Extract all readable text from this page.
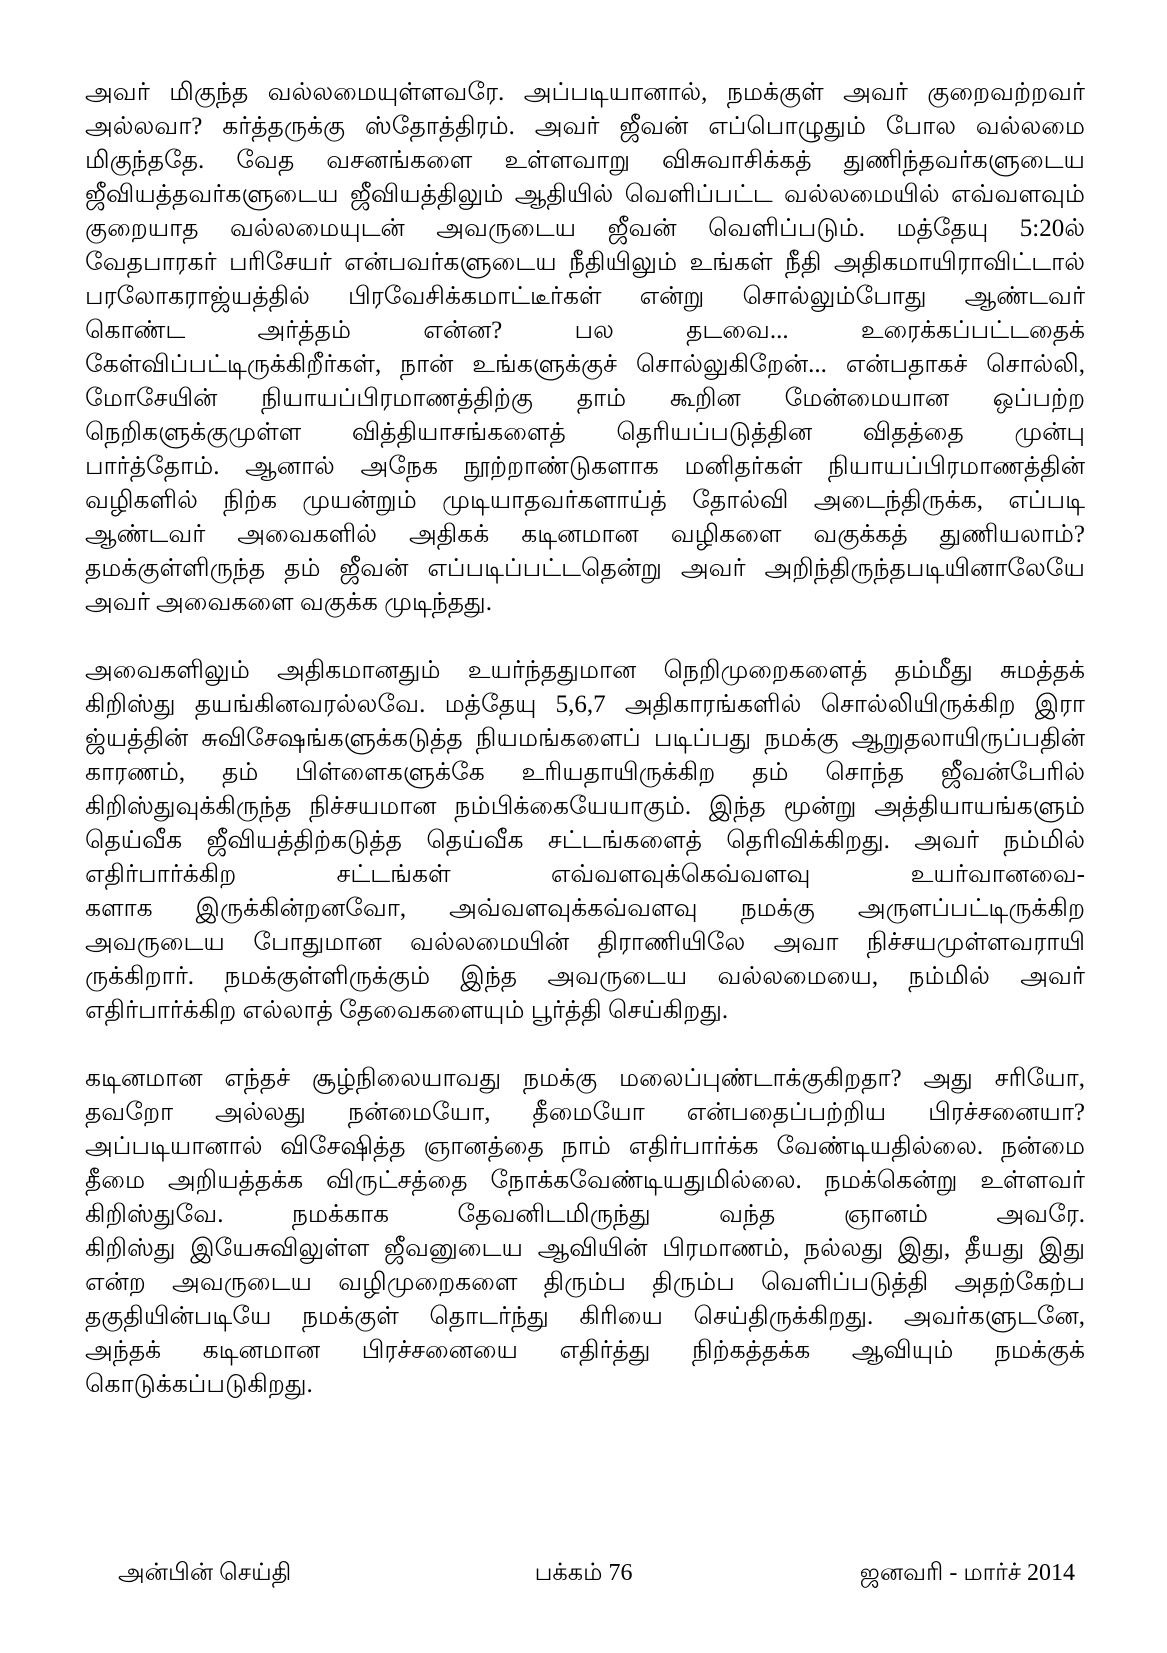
அவர் மிகுந்த வல்லமையுள்ளவரே. அப்படியானால், நமக்குள் அவர் குறைவற்றவர்
அல்லவா? கர்த்தருக்கு ஸ்தோத்திரம். அவர் ஜீவன் எப்பொழுதும் போல வல்லமை
மிகுந்ததே. வேத வசனங்களை உள்ளவாறு விசுவாசிக்கத் துணிந்தவர்களுடைய
ஜீவியத்தவர்களுடைய ஜீவியத்திலும் ஆதியில் வெளிப்பட்ட வல்லமையில் எவ்வளவும்
குறையாத வல்லமையுடன் அவருடைய ஜீவன் வெளிப்படும். மத்தேயு 5:20ல்
வேதபாரகர் பரிசேயர் என்பவர்களுடைய நீதியிலும் உங்கள் நீதி அதிகமாயிராவிட்டால்
பரலோகராஜ்யத்தில் பிரவேசிக்கமாட்டீர்கள் என்று சொல்லும்போது ஆண்டவர்
கொண்ட அர்த்தம் என்ன? பல தடவை... உரைக்கப்பட்டதைக்
கேள்விப்பட்டிருக்கிறீர்கள், நான் உங்களுக்குச் சொல்லுகிறேன்... என்பதாகச் சொல்லி,
மோசேயின் நியாயப்பிரமாணத்திற்கு தாம் கூறின மேன்மையான ஒப்பற்ற
நெறிகளுக்குமுள்ள வித்தியாசங்களைத் தெரியப்படுத்தின விதத்தை முன்பு
பார்த்தோம். ஆனால் அநேக நூற்றாண்டுகளாக மனிதர்கள் நியாயப்பிரமாணத்தின்
வழிகளில் நிற்க முயன்றும் முடியாதவர்களாய்த் தோல்வி அடைந்திருக்க, எப்படி
ஆண்டவர் அவைகளில் அதிகக் கடினமான வழிகளை வகுக்கத் துணியலாம்?
தமக்குள்ளிருந்த தம் ஜீவன் எப்படிப்பட்டதென்று அவர் அறிந்திருந்தபடியினாலேயே
அவர் அவைகளை வகுக்க முடிந்தது.
அவைகளிலும் அதிகமானதும் உயர்ந்ததுமான நெறிமுறைகளைத் தம்மீது சுமத்தக்
கிறிஸ்து தயங்கினவரல்லவே. மத்தேயு 5,6,7 அதிகாரங்களில் சொல்லியிருக்கிற இரா
ஜ்யத்தின் சுவிசேஷங்களுக்கடுத்த நியமங்களைப் படிப்பது நமக்கு ஆறுதலாயிருப்பதின்
காரணம், தம் பிள்ளைகளுக்கே உரியதாயிருக்கிற தம் சொந்த ஜீவன்பேரில்
கிறிஸ்துவுக்கிருந்த நிச்சயமான நம்பிக்கையேயாகும். இந்த மூன்று அத்தியாயங்களும்
தெய்வீக ஜீவியத்திற்கடுத்த தெய்வீக சட்டங்களைத் தெரிவிக்கிறது. அவர் நம்மில்
எதிர்பார்க்கிற சட்டங்கள் எவ்வளவுக்கெவ்வளவு உயர்வானவை-
களாக இருக்கின்றனவோ, அவ்வளவுக்கவ்வளவு நமக்கு அருளப்பட்டிருக்கிற
அவருடைய போதுமான வல்லமையின் திராணியிலே அவா நிச்சயமுள்ளவராயி
ருக்கிறார். நமக்குள்ளிருக்கும் இந்த அவருடைய வல்லமையை, நம்மில் அவர்
எதிர்பார்க்கிற எல்லாத் தேவைகளையும் பூர்த்தி செய்கிறது.
கடினமான எந்தச் சூழ்நிலையாவது நமக்கு மலைப்புண்டாக்குகிறதா? அது சரியோ,
தவறோ அல்லது நன்மையோ, தீமையோ என்பதைப்பற்றிய பிரச்சனையா?
அப்படியானால் விசேஷித்த ஞானத்தை நாம் எதிர்பார்க்க வேண்டியதில்லை. நன்மை
தீமை அறியத்தக்க விருட்சத்தை நோக்கவேண்டியதுமில்லை. நமக்கென்று உள்ளவர்
கிறிஸ்துவே. நமக்காக தேவனிடமிருந்து வந்த ஞானம் அவரே.
கிறிஸ்து இயேசுவிலுள்ள ஜீவனுடைய ஆவியின் பிரமாணம், நல்லது இது, தீயது இது
என்ற அவருடைய வழிமுறைகளை திரும்ப திரும்ப வெளிப்படுத்தி அதற்கேற்ப
தகுதியின்படியே நமக்குள் தொடர்ந்து கிரியை செய்திருக்கிறது. அவர்களுடனே,
அந்தக் கடினமான பிரச்சனையை எதிர்த்து நிற்கத்தக்க ஆவியும் நமக்குக்
கொடுக்கப்படுகிறது.
அன்பின் செய்தி	பக்கம் 76	ஜனவரி - மார்ச் 2014
